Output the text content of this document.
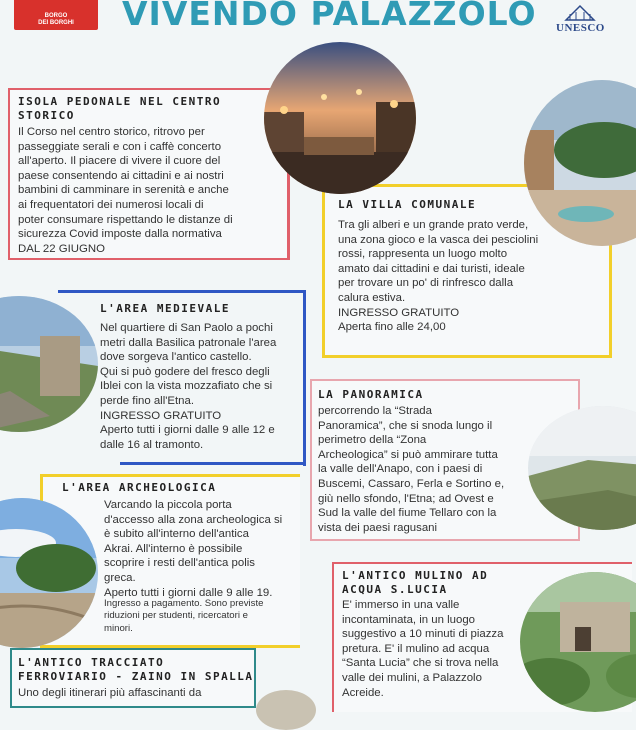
BORGO
DEI BORGHI VIVENDO PALAZZOLO UNESCO
ISOLA PEDONALE NEL CENTRO
STORICO

Il Corso nel centro storico, ritrovo per
passeggiate serali e con i caffè concerto
all'aperto. Il piacere di vivere il cuore del
paese consentendo ai cittadini e ai nostri
bambini di camminare in serenità e anche
ai frequentatori dei numerosi locali di
poter consumare rispettando le distanze di
sicurezza Covid imposte dalla normativa
DAL 22 GIUGNO

LA VILLA COMUNALE

Tra gli alberi e un grande prato verde,
una zona gioco e la vasca dei pesciolini
rossi, rappresenta un luogo molto
amato dai cittadini e dai turisti, ideale
per trovare un po' di rinfresco dalla
calura estiva.
INGRESSO GRATUITO
Aperta fino alle 24,00

L'AREA MEDIEVALE

Nel quartiere di San Paolo a pochi
metri dalla Basilica patronale l'area
dove sorgeva l'antico castello.
Qui si può godere del fresco degli
Iblei con la vista mozzafiato che si
perde fino all'Etna.
INGRESSO GRATUITO
Aperto tutti i giorni dalle 9 alle 12 e
dalle 16 al tramonto.

LA PANORAMICA

percorrendo la “Strada
Panoramica”, che si snoda lungo il
perimetro della “Zona
Archeologica” si può ammirare tutta
la valle dell'Anapo, con i paesi di
Buscemi, Cassaro, Ferla e Sortino e,
giù nello sfondo, l'Etna; ad Ovest e
Sud la valle del fiume Tellaro con la
vista dei paesi ragusani

L'AREA ARCHEOLOGICA

Varcando la piccola porta
d'accesso alla zona archeologica si
è subito all'interno dell'antica
Akrai. All'interno è possibile
scoprire i resti dell'antica polis
greca.
Aperto tutti i giorni dalle 9 alle 19.

Ingresso a pagamento. Sono previste
riduzioni per studenti, ricercatori e
minori.

L'ANTICO MULINO AD
ACQUA S.LUCIA

E' immerso in una valle
incontaminata, in un luogo
suggestivo a 10 minuti di piazza
pretura. E' il mulino ad acqua
“Santa Lucia” che si trova nella
valle dei mulini, a Palazzolo
Acreide.

L'ANTICO TRACCIATO
FERROVIARIO - ZAINO IN SPALLA

Uno degli itinerari più affascinanti da
